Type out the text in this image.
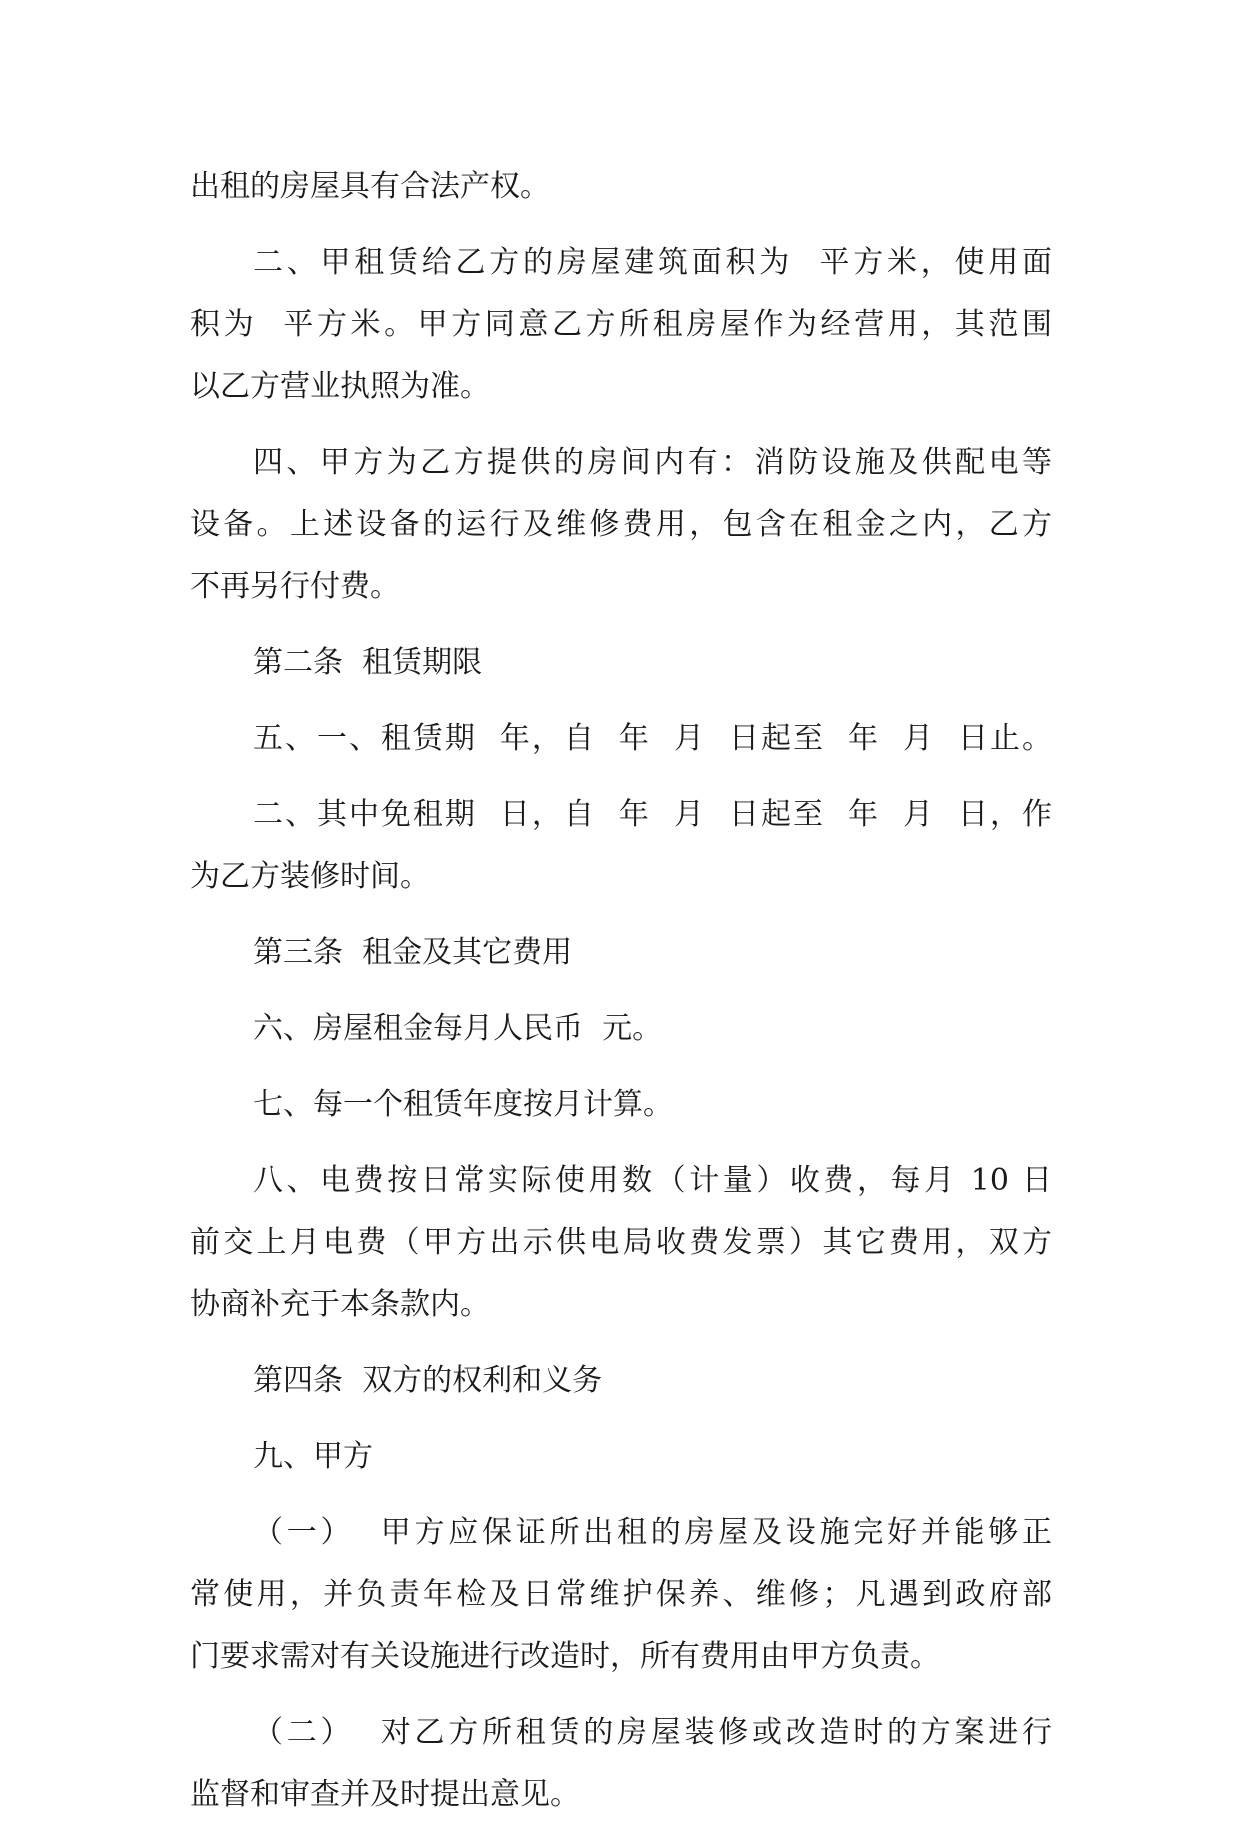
出租的房屋具有合法产权。
二、甲租赁给乙方的房屋建筑面积为  平方米，使用面
积为  平方米。甲方同意乙方所租房屋作为经营用，其范围
以乙方营业执照为准。
四、甲方为乙方提供的房间内有：消防设施及供配电等
设备。上述设备的运行及维修费用，包含在租金之内，乙方
不再另行付费。
第二条  租赁期限
五、一、租赁期  年，自  年  月  日起至  年  月  日止。
二、其中免租期  日，自  年  月  日起至  年  月  日，作
为乙方装修时间。
第三条  租金及其它费用
六、房屋租金每月人民币  元。
七、每一个租赁年度按月计算。
八、电费按日常实际使用数（计量）收费，每月 10 日
前交上月电费（甲方出示供电局收费发票）其它费用，双方
协商补充于本条款内。
第四条  双方的权利和义务
九、甲方
（一）  甲方应保证所出租的房屋及设施完好并能够正
常使用，并负责年检及日常维护保养、维修；凡遇到政府部
门要求需对有关设施进行改造时，所有费用由甲方负责。
（二）  对乙方所租赁的房屋装修或改造时的方案进行
监督和审查并及时提出意见。
